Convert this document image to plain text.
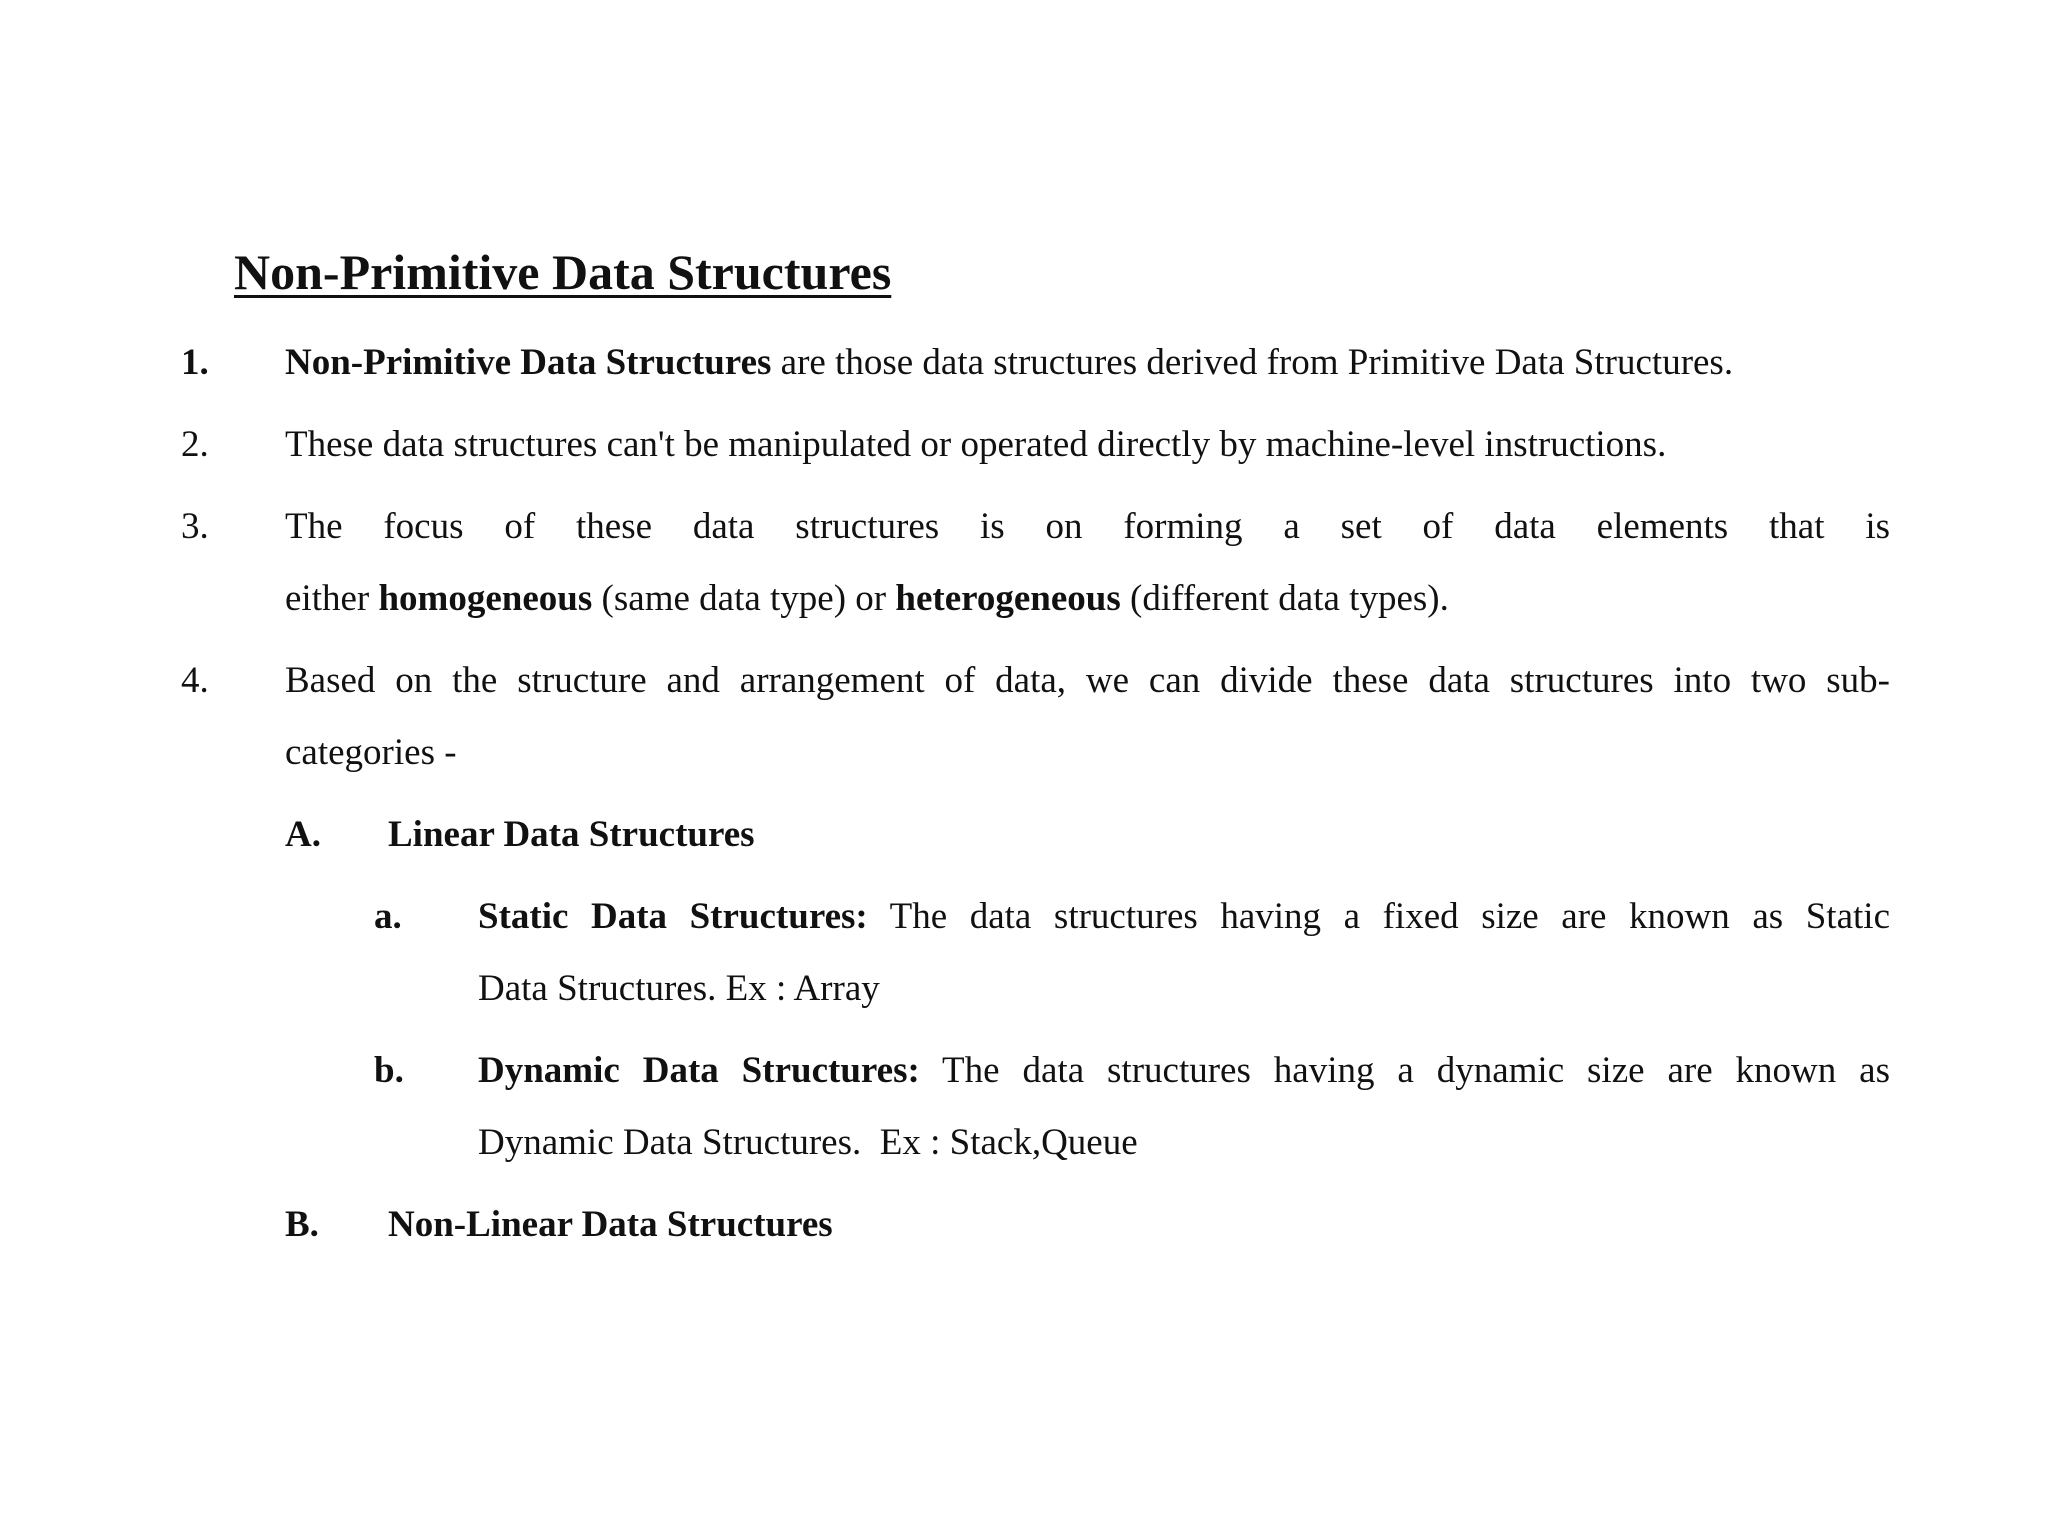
Non-Primitive Data Structures
1. Non-Primitive Data Structures are those data structures derived from Primitive Data Structures.
2. These data structures can't be manipulated or operated directly by machine-level instructions.
3. The focus of these data structures is on forming a set of data elements that is
either homogeneous (same data type) or heterogeneous (different data types).
4. Based on the structure and arrangement of data, we can divide these data structures into two sub-
categories -
A. Linear Data Structures
a. Static Data Structures: The data structures having a fixed size are known as Static
Data Structures. Ex : Array
b. Dynamic Data Structures: The data structures having a dynamic size are known as
Dynamic Data Structures.  Ex : Stack,Queue
B. Non-Linear Data Structures
